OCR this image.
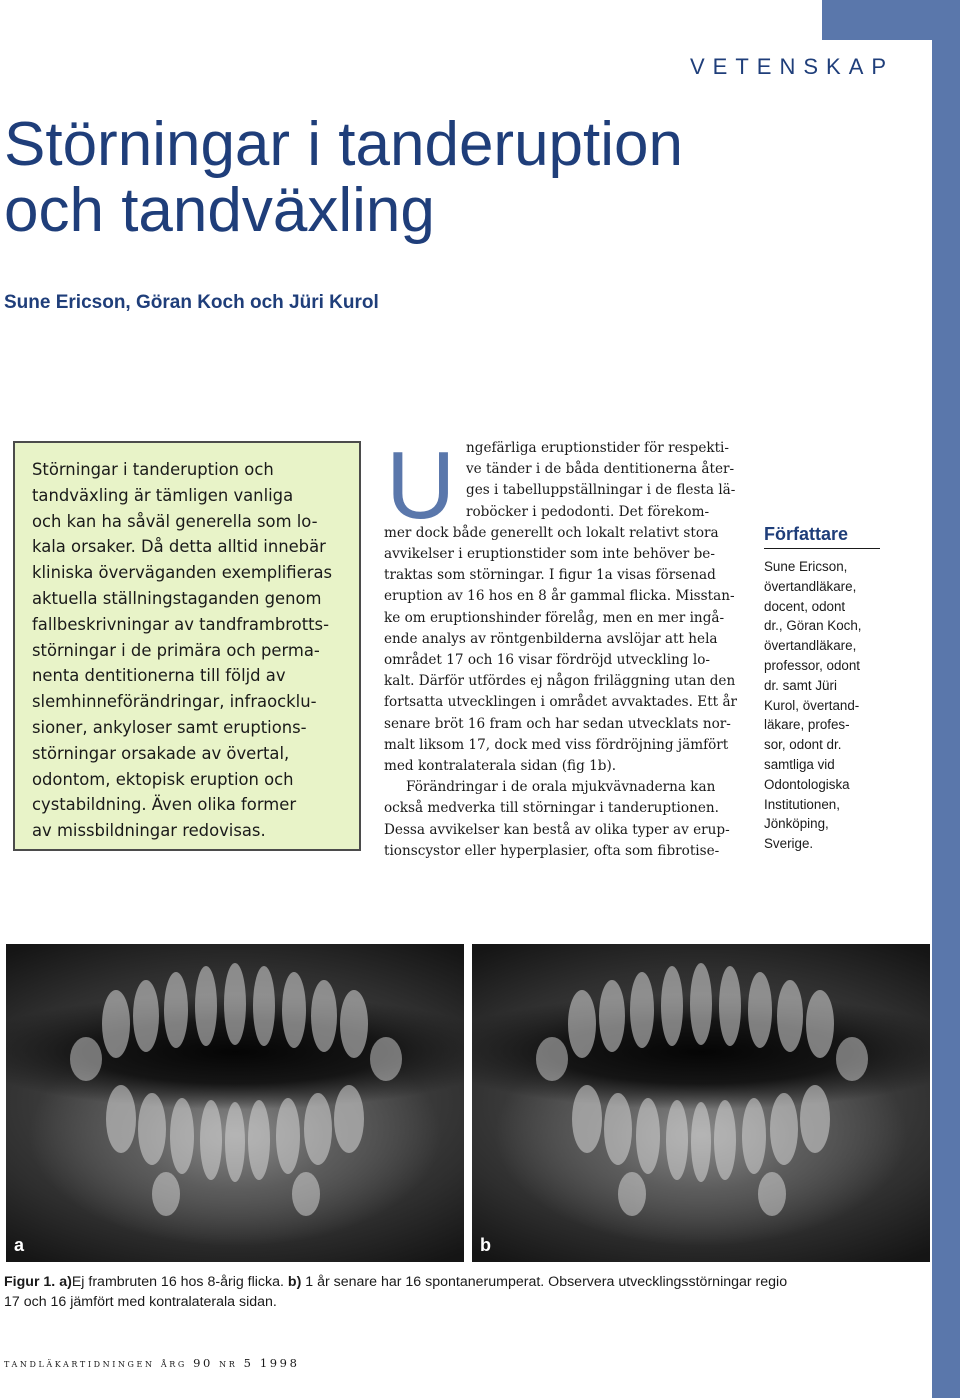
VETENSKAP
Störningar i tanderuption
och tandväxling
Sune Ericson, Göran Koch och Jüri Kurol
Störningar i tanderuption och
tandväxling är tämligen vanliga
och kan ha såväl generella som lo-
kala orsaker. Då detta alltid innebär
kliniska överväganden exemplifieras
aktuella ställningstaganden genom
fallbeskrivningar av tandframbrotts-
störningar i de primära och perma-
nenta dentitionerna till följd av
slemhinneförändringar, infraocklu-
sioner, ankyloser samt eruptions-
störningar orsakade av övertal,
odontom, ektopisk eruption och
cystabildning. Även olika former
av missbildningar redovisas.
U ngefärliga eruptionstider för respekti-
ve tänder i de båda dentitionerna åter-
ges i tabelluppställningar i de flesta lä-
roböcker i pedodonti. Det förekom-
mer dock både generellt och lokalt relativt stora
avvikelser i eruptionstider som inte behöver be-
traktas som störningar. I figur 1a visas försenad
eruption av 16 hos en 8 år gammal flicka. Misstan-
ke om eruptionshinder förelåg, men en mer ingå-
ende analys av röntgenbilderna avslöjar att hela
området 17 och 16 visar fördröjd utveckling lo-
kalt. Därför utfördes ej någon friläggning utan den
fortsatta utvecklingen i området avvaktades. Ett år
senare bröt 16 fram och har sedan utvecklats nor-
malt liksom 17, dock med viss fördröjning jämfört
med kontralaterala sidan (fig 1b).
Förändringar i de orala mjukvävnaderna kan
också medverka till störningar i tanderuptionen.
Dessa avvikelser kan bestå av olika typer av erup-
tionscystor eller hyperplasier, ofta som fibrotise-
Författare
Sune Ericson,
övertandläkare,
docent, odont
dr., Göran Koch,
övertandläkare,
professor, odont
dr. samt Jüri
Kurol, övertand-
läkare, profes-
sor, odont dr.
samtliga vid
Odontologiska
Institutionen,
Jönköping,
Sverige.
a	b
Figur 1. a)Ej frambruten 16 hos 8-årig flicka. b) 1 år senare har 16 spontanerumperat. Observera utvecklingsstörningar regio
17 och 16 jämfört med kontralaterala sidan.
tandläkartidningen årg 90 nr 5 1998
